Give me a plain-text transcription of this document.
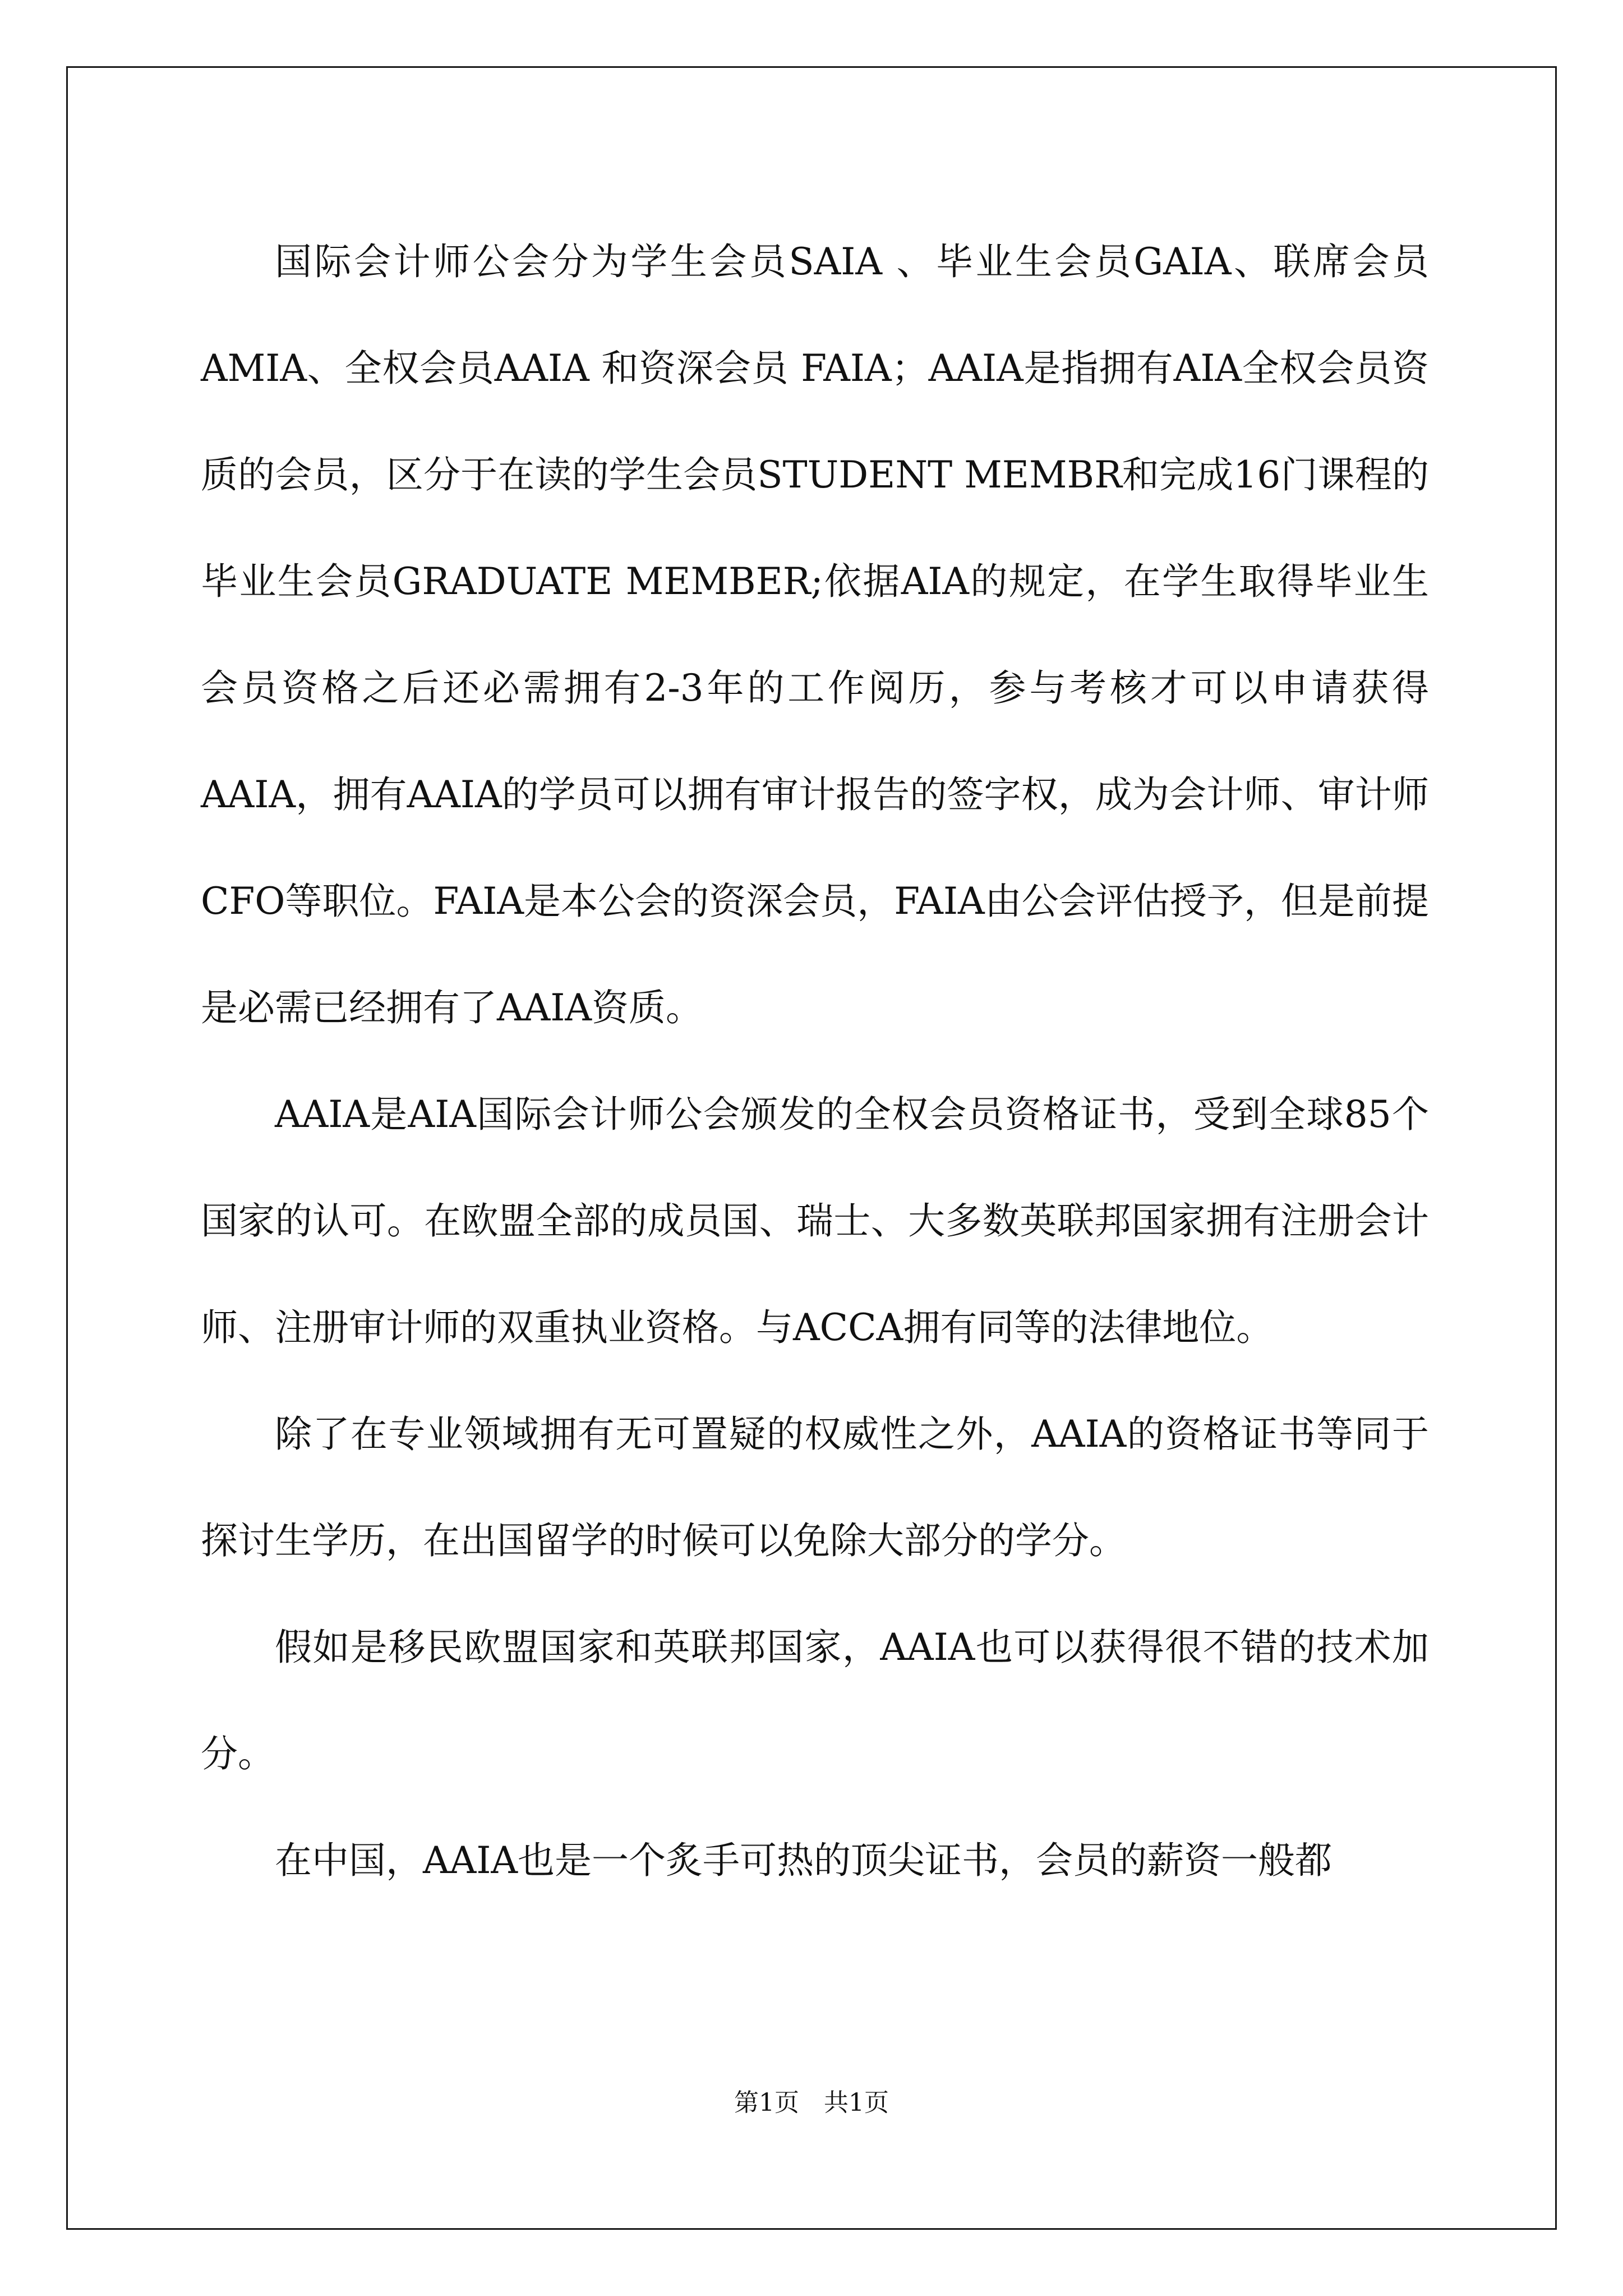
国际会计师公会分为学生会员SAIA 、毕业生会员GAIA、联席会员AMIA、全权会员AAIA 和资深会员 FAIA；AAIA是指拥有AIA全权会员资质的会员，区分于在读的学生会员STUDENT MEMBR和完成16门课程的毕业生会员GRADUATE MEMBER;依据AIA的规定，在学生取得毕业生会员资格之后还必需拥有2-3年的工作阅历，参与考核才可以申请获得AAIA，拥有AAIA的学员可以拥有审计报告的签字权，成为会计师、审计师CFO等职位。FAIA是本公会的资深会员，FAIA由公会评估授予，但是前提是必需已经拥有了AAIA资质。

AAIA是AIA国际会计师公会颁发的全权会员资格证书，受到全球85个国家的认可。在欧盟全部的成员国、瑞士、大多数英联邦国家拥有注册会计师、注册审计师的双重执业资格。与ACCA拥有同等的法律地位。

除了在专业领域拥有无可置疑的权威性之外，AAIA的资格证书等同于探讨生学历，在出国留学的时候可以免除大部分的学分。

假如是移民欧盟国家和英联邦国家，AAIA也可以获得很不错的技术加分。

在中国，AAIA也是一个炙手可热的顶尖证书，会员的薪资一般都

第1页 共1页
